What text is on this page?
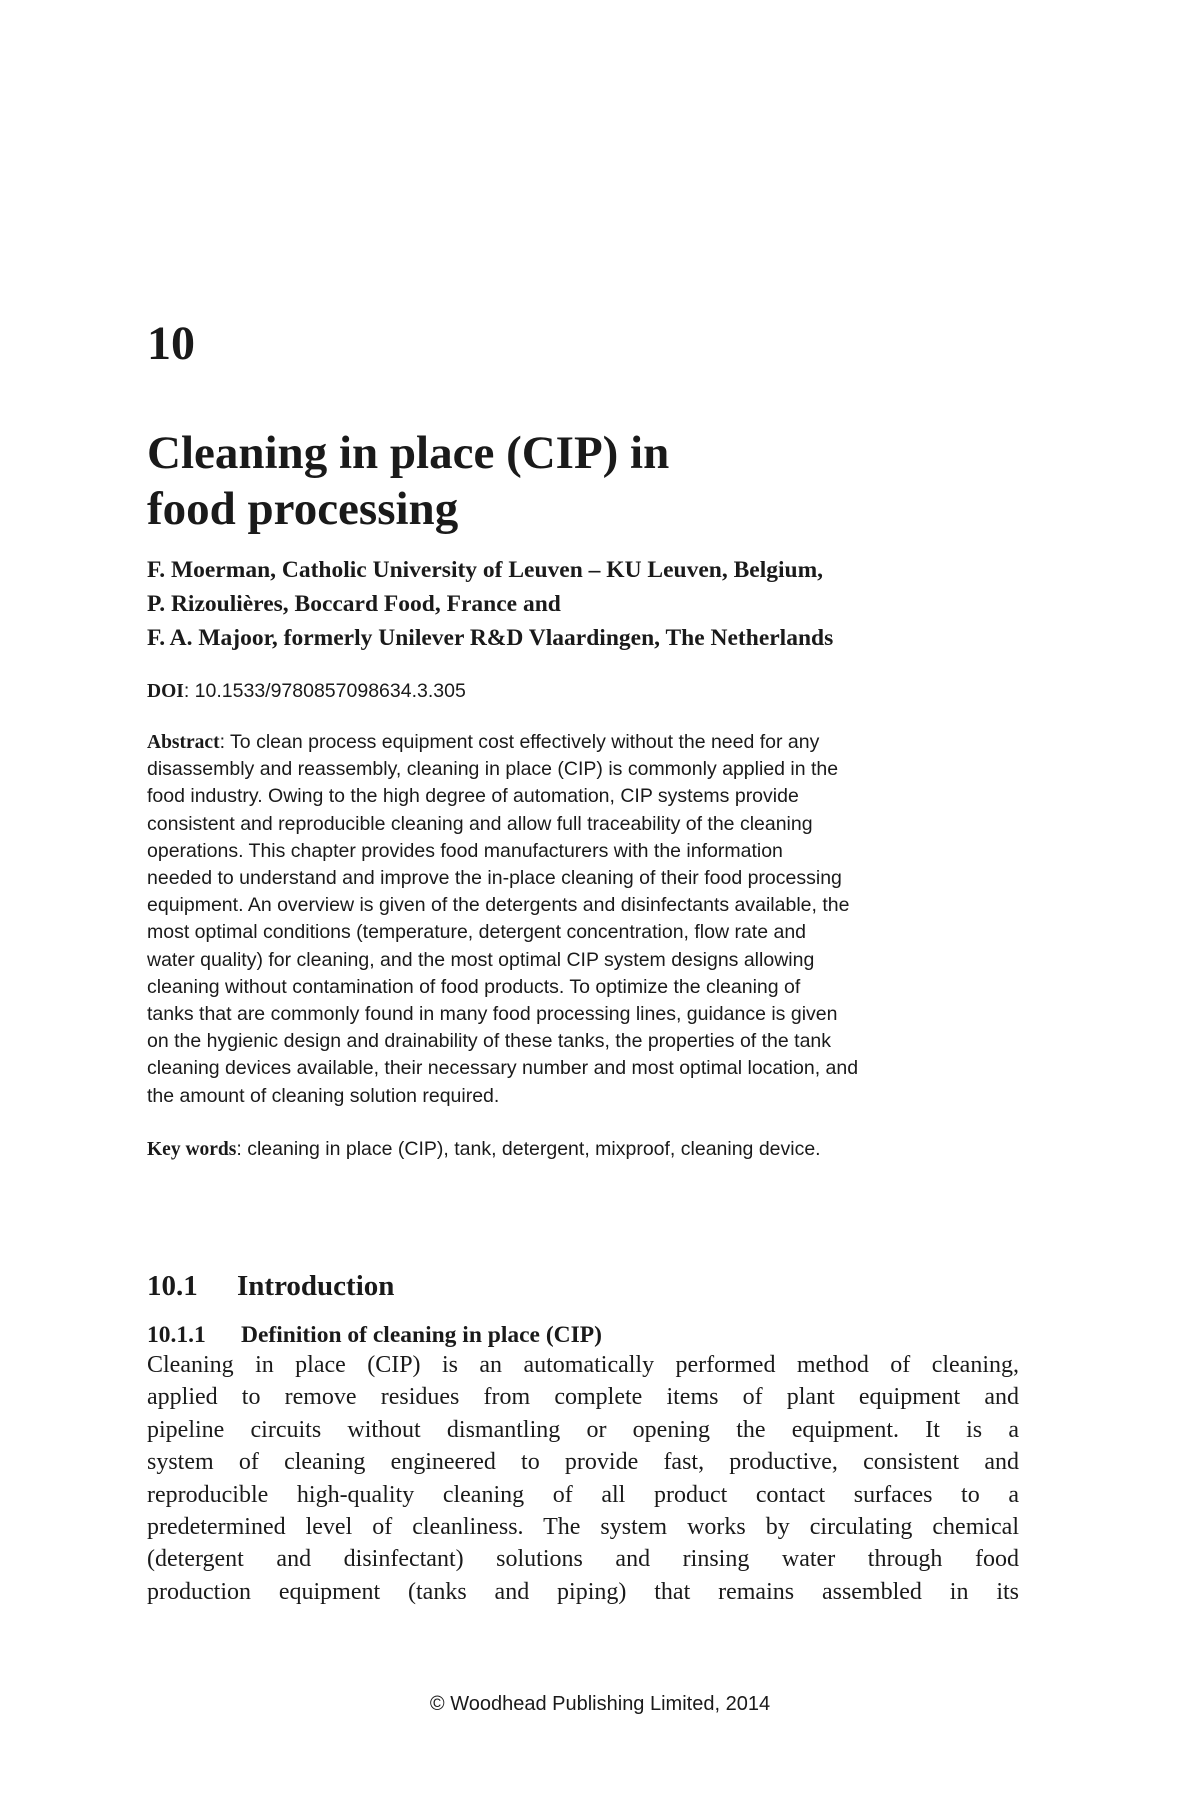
10
Cleaning in place (CIP) in
food processing
F. Moerman, Catholic University of Leuven – KU Leuven, Belgium,
P. Rizoulières, Boccard Food, France and
F. A. Majoor, formerly Unilever R&D Vlaardingen, The Netherlands

DOI: 10.1533/9780857098634.3.305

Abstract: To clean process equipment cost effectively without the need for any
disassembly and reassembly, cleaning in place (CIP) is commonly applied in the
food industry. Owing to the high degree of automation, CIP systems provide
consistent and reproducible cleaning and allow full traceability of the cleaning
operations. This chapter provides food manufacturers with the information
needed to understand and improve the in-place cleaning of their food processing
equipment. An overview is given of the detergents and disinfectants available, the
most optimal conditions (temperature, detergent concentration, flow rate and
water quality) for cleaning, and the most optimal CIP system designs allowing
cleaning without contamination of food products. To optimize the cleaning of
tanks that are commonly found in many food processing lines, guidance is given
on the hygienic design and drainability of these tanks, the properties of the tank
cleaning devices available, their necessary number and most optimal location, and
the amount of cleaning solution required.

Key words: cleaning in place (CIP), tank, detergent, mixproof, cleaning device.

10.1 Introduction
10.1.1 Definition of cleaning in place (CIP)
Cleaning in place (CIP) is an automatically performed method of cleaning,
applied to remove residues from complete items of plant equipment and
pipeline circuits without dismantling or opening the equipment. It is a
system of cleaning engineered to provide fast, productive, consistent and
reproducible high-quality cleaning of all product contact surfaces to a
predetermined level of cleanliness. The system works by circulating chemical
(detergent and disinfectant) solutions and rinsing water through food
production equipment (tanks and piping) that remains assembled in its

© Woodhead Publishing Limited, 2014
